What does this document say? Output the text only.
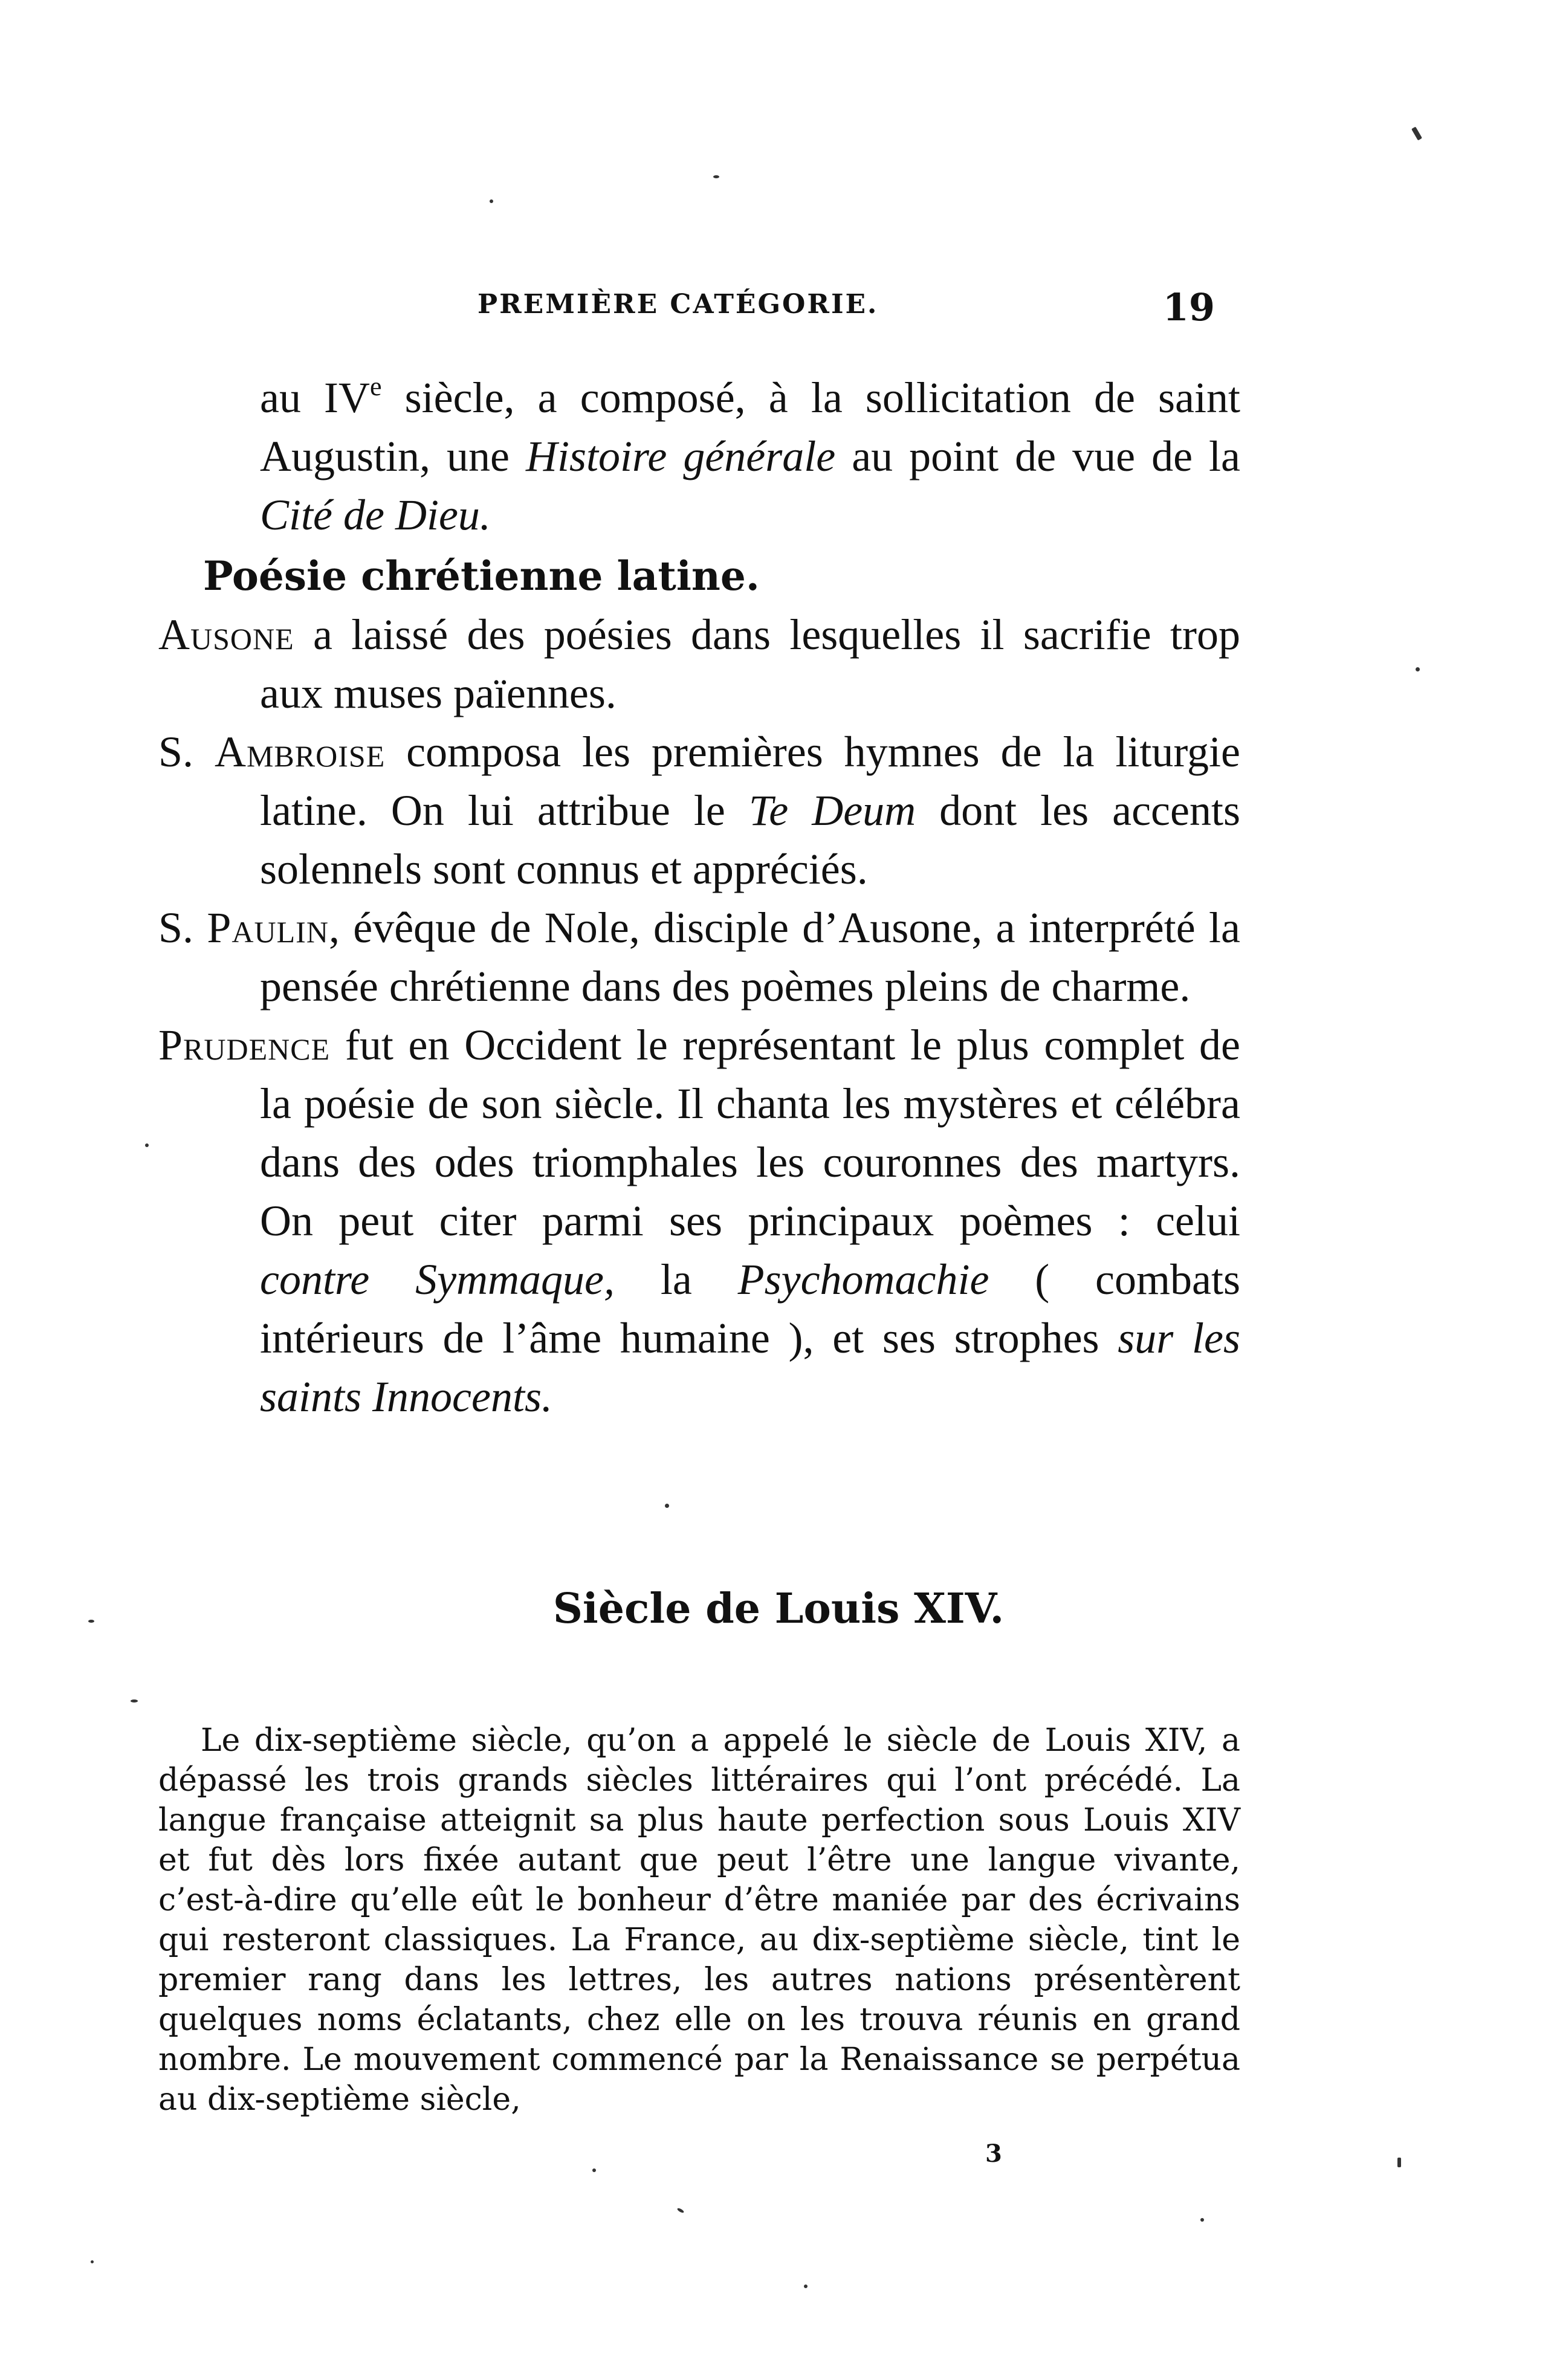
PREMIÈRE CATÉGORIE.	19

au IVe siècle, a composé, à la sollicitation de saint Augustin, une Histoire générale au point de vue de la Cité de Dieu.

Poésie chrétienne latine.

Ausone a laissé des poésies dans lesquelles il sacrifie trop aux muses païennes.

S. Ambroise composa les premières hymnes de la liturgie latine. On lui attribue le Te Deum dont les accents solennels sont connus et appréciés.

S. Paulin, évêque de Nole, disciple d’Ausone, a interprété la pensée chrétienne dans des poèmes pleins de charme.

Prudence fut en Occident le représentant le plus complet de la poésie de son siècle. Il chanta les mystères et célébra dans des odes triomphales les couronnes des martyrs. On peut citer parmi ses principaux poèmes : celui contre Symmaque, la Psychomachie ( combats intérieurs de l’âme humaine ), et ses strophes sur les saints Innocents.

Siècle de Louis XIV.

Le dix-septième siècle, qu’on a appelé le siècle de Louis XIV, a dépassé les trois grands siècles littéraires qui l’ont précédé. La langue française atteignit sa plus haute perfection sous Louis XIV et fut dès lors fixée autant que peut l’être une langue vivante, c’est-à-dire qu’elle eût le bonheur d’être maniée par des écrivains qui resteront classiques. La France, au dix-septième siècle, tint le premier rang dans les lettres, les autres nations présentèrent quelques noms éclatants, chez elle on les trouva réunis en grand nombre. Le mouvement commencé par la Renaissance se perpétua au dix-septième siècle,

3
